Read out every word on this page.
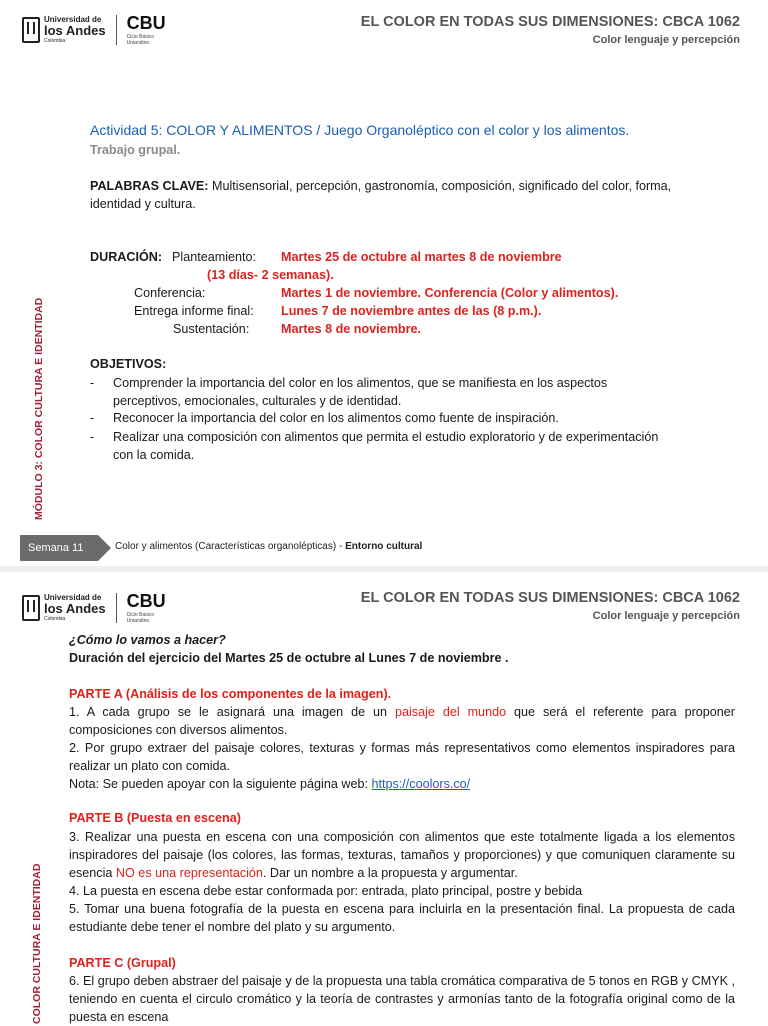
Universidad de
los Andes
Colombia
CBU
Ciclo Básico
Uniandino
EL COLOR EN TODAS SUS DIMENSIONES: CBCA 1062
Color lenguaje y percepción
MÓDULO 3: COLOR CULTURA E IDENTIDAD
Actividad 5: COLOR Y ALIMENTOS / Juego Organoléptico con el color y los alimentos.
Trabajo grupal.
PALABRAS CLAVE: Multisensorial, percepción, gastronomía, composición, significado del color, forma,
identidad y cultura.
DURACIÓN: Planteamiento: Martes 25 de octubre al martes 8 de noviembre
(13 días- 2 semanas).
Conferencia:	Martes 1 de noviembre. Conferencia (Color y alimentos).
Entrega informe final: Lunes 7 de noviembre antes de las (8 p.m.).
Sustentación:	Martes 8 de noviembre.
OBJETIVOS:
- Comprender la importancia del color en los alimentos, que se manifiesta en los aspectos
perceptivos, emocionales, culturales y de identidad.
- Reconocer la importancia del color en los alimentos como fuente de inspiración.
- Realizar una composición con alimentos que permita el estudio exploratorio y de experimentación
con la comida.
Semana 11	Color y alimentos (Características organolépticas) - Entorno cultural
Universidad de
los Andes
Colombia
CBU
Ciclo Básico
Uniandino
EL COLOR EN TODAS SUS DIMENSIONES: CBCA 1062
Color lenguaje y percepción
COLOR CULTURA E IDENTIDAD
¿Cómo lo vamos a hacer?
Duración del ejercicio del Martes 25 de octubre al Lunes 7 de noviembre .
PARTE A (Análisis de los componentes de la imagen).
1. A cada grupo se le asignará una imagen de un paisaje del mundo que será el referente para proponer composiciones con diversos alimentos.
2. Por grupo extraer del paisaje colores, texturas y formas más representativos como elementos inspiradores para realizar un plato con comida.
Nota: Se pueden apoyar con la siguiente página web: https://coolors.co/
PARTE B (Puesta en escena)
3. Realizar una puesta en escena con una composición con alimentos que este totalmente ligada a los elementos inspiradores del paisaje (los colores, las formas, texturas, tamaños y proporciones) y que comuniquen claramente su esencia NO es una representación. Dar un nombre a la propuesta y argumentar.
4. La puesta en escena debe estar conformada por: entrada, plato principal, postre y bebida
5. Tomar una buena fotografía de la puesta en escena para incluirla en la presentación final. La propuesta de cada estudiante debe tener el nombre del plato y su argumento.
PARTE C (Grupal)
6. El grupo deben abstraer del paisaje y de la propuesta una tabla cromática comparativa de 5 tonos en RGB y CMYK , teniendo en cuenta el circulo cromático y la teoría de contrastes y armonías tanto de la fotografía original como de la puesta en escena
